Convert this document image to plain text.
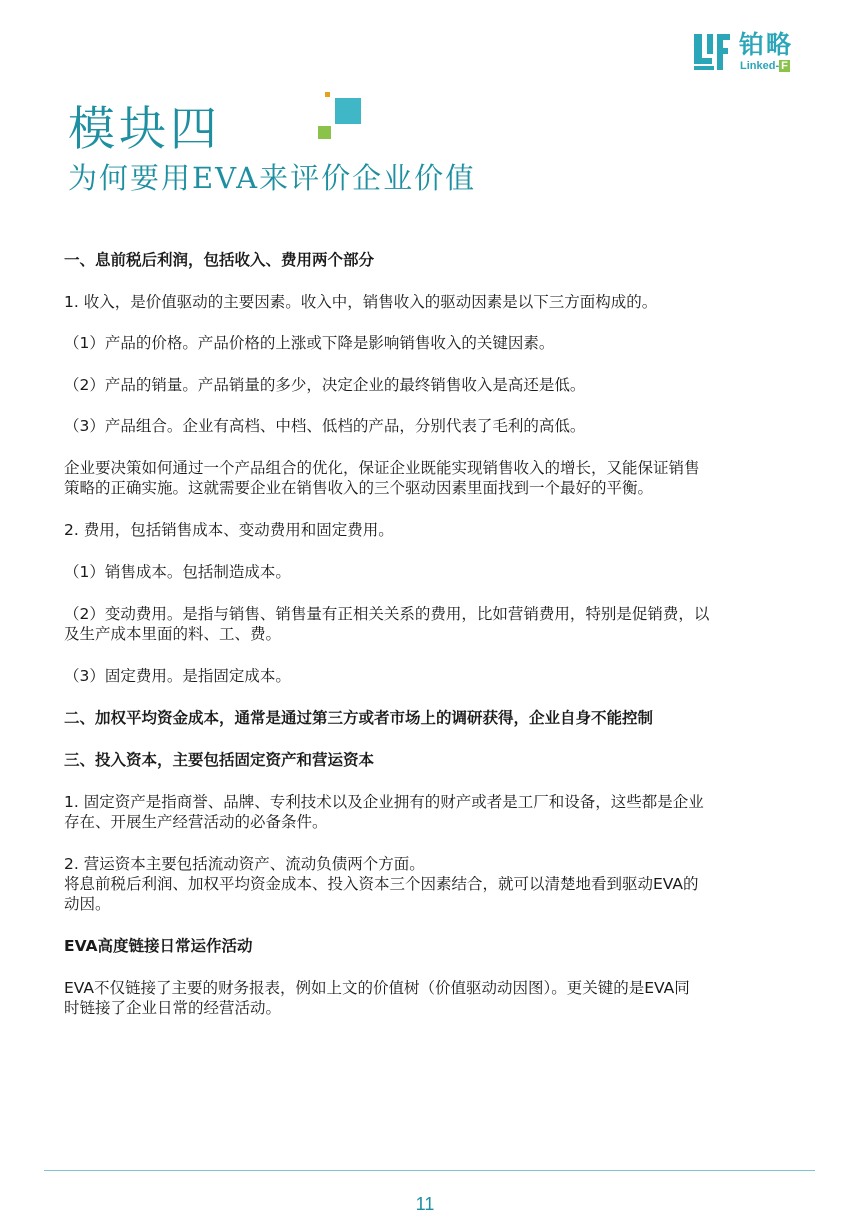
铂略
Linked- F
模块四
为何要用EVA来评价企业价值

一、息前税后利润，包括收入、费用两个部分

1. 收入，是价值驱动的主要因素。收入中，销售收入的驱动因素是以下三方面构成的。

（1）产品的价格。产品价格的上涨或下降是影响销售收入的关键因素。

（2）产品的销量。产品销量的多少，决定企业的最终销售收入是高还是低。

（3）产品组合。企业有高档、中档、低档的产品，分别代表了毛利的高低。

企业要决策如何通过一个产品组合的优化，保证企业既能实现销售收入的增长，又能保证销售
策略的正确实施。这就需要企业在销售收入的三个驱动因素里面找到一个最好的平衡。

2. 费用，包括销售成本、变动费用和固定费用。

（1）销售成本。包括制造成本。

（2）变动费用。是指与销售、销售量有正相关关系的费用，比如营销费用，特别是促销费，以
及生产成本里面的料、工、费。

（3）固定费用。是指固定成本。

二、加权平均资金成本，通常是通过第三方或者市场上的调研获得，企业自身不能控制

三、投入资本，主要包括固定资产和营运资本

1. 固定资产是指商誉、品牌、专利技术以及企业拥有的财产或者是工厂和设备，这些都是企业
存在、开展生产经营活动的必备条件。

2. 营运资本主要包括流动资产、流动负债两个方面。
将息前税后利润、加权平均资金成本、投入资本三个因素结合，就可以清楚地看到驱动EVA的
动因。

EVA高度链接日常运作活动

EVA不仅链接了主要的财务报表，例如上文的价值树（价值驱动动因图）。更关键的是EVA同
时链接了企业日常的经营活动。

11
